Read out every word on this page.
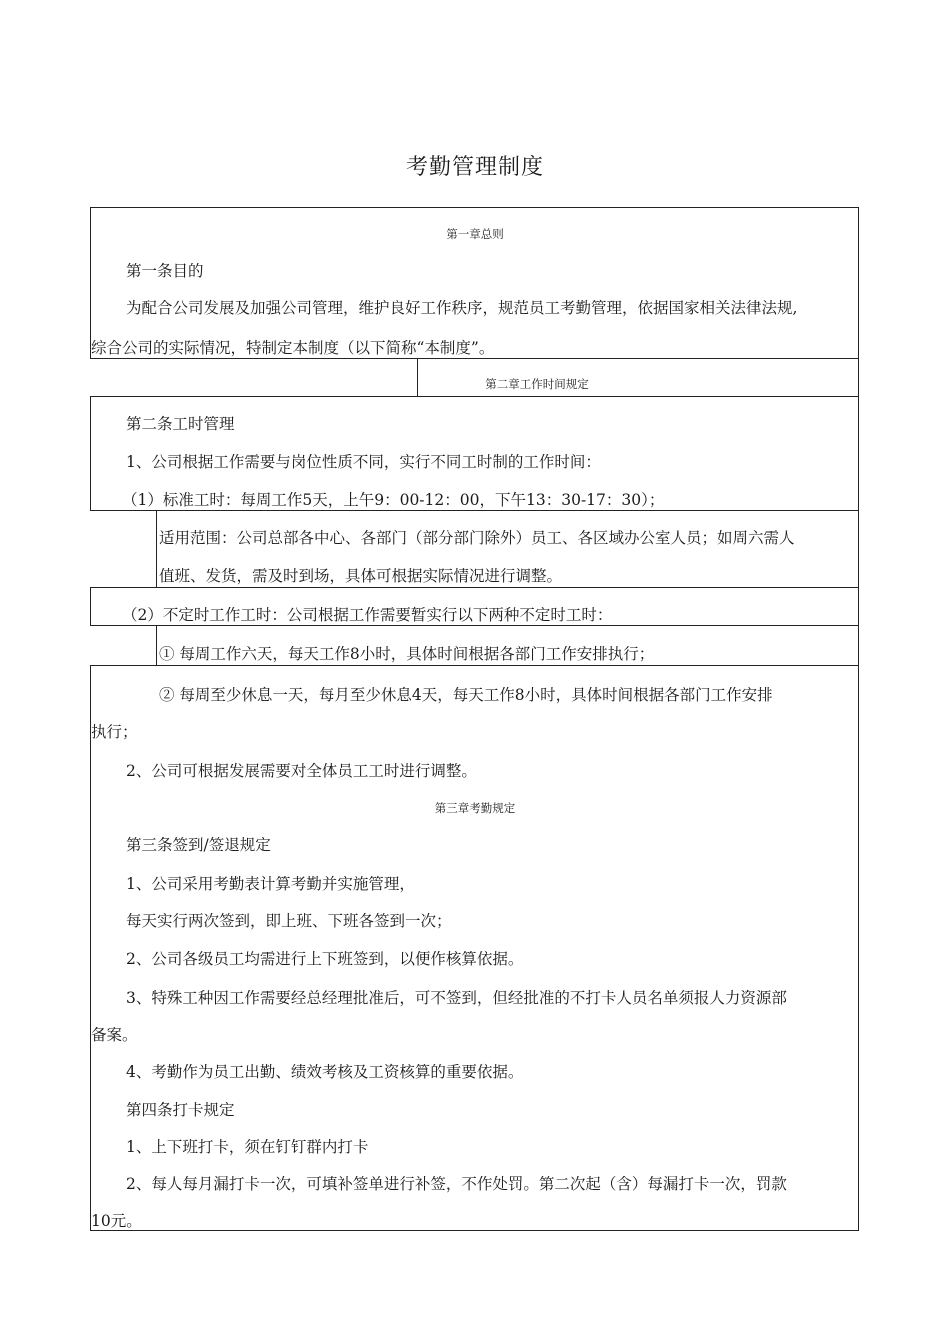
考勤管理制度
第一章总则
第一条目的
为配合公司发展及加强公司管理，维护良好工作秩序，规范员工考勤管理，依据国家相关法律法规,
综合公司的实际情况，特制定本制度（以下简称“本制度”。
第二章工作时间规定
第二条工时管理
1、公司根据工作需要与岗位性质不同，实行不同工时制的工作时间：
（1）标准工时：每周工作5天，上午9：00-12：00，下午13：30-17：30）；
适用范围：公司总部各中心、各部门（部分部门除外）员工、各区域办公室人员；如周六需人
值班、发货，需及时到场，具体可根据实际情况进行调整。
（2）不定时工作工时：公司根据工作需要暂实行以下两种不定时工时：
① 每周工作六天，每天工作8小时，具体时间根据各部门工作安排执行；
② 每周至少休息一天，每月至少休息4天，每天工作8小时，具体时间根据各部门工作安排
执行；
2、公司可根据发展需要对全体员工工时进行调整。
第三章考勤规定
第三条签到/签退规定
1、公司采用考勤表计算考勤并实施管理，
每天实行两次签到，即上班、下班各签到一次；
2、公司各级员工均需进行上下班签到，以便作核算依据。
3、特殊工种因工作需要经总经理批准后，可不签到，但经批准的不打卡人员名单须报人力资源部
备案。
4、考勤作为员工出勤、绩效考核及工资核算的重要依据。
第四条打卡规定
1、上下班打卡，须在钉钉群内打卡
2、每人每月漏打卡一次，可填补签单进行补签，不作处罚。第二次起（含）每漏打卡一次，罚款
10元。
